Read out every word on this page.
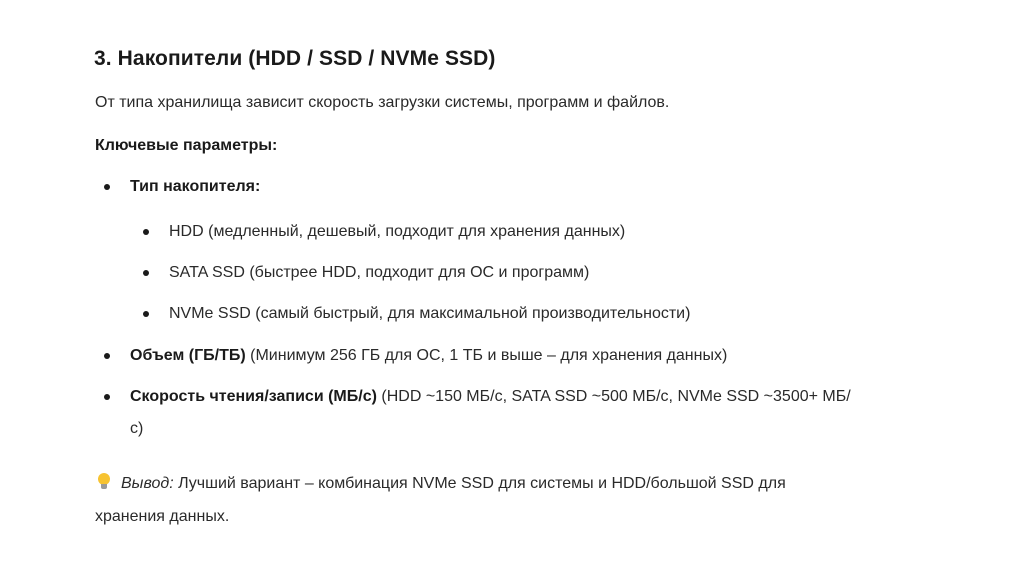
3. Накопители (HDD / SSD / NVMe SSD)
От типа хранилища зависит скорость загрузки системы, программ и файлов.
Ключевые параметры:
Тип накопителя:
HDD (медленный, дешевый, подходит для хранения данных)
SATA SSD (быстрее HDD, подходит для ОС и программ)
NVMe SSD (самый быстрый, для максимальной производительности)
Объем (ГБ/ТБ) (Минимум 256 ГБ для ОС, 1 ТБ и выше – для хранения данных)
Скорость чтения/записи (МБ/с) (HDD ~150 МБ/с, SATA SSD ~500 МБ/с, NVMe SSD ~3500+ МБ/
с)
Вывод: Лучший вариант – комбинация NVMe SSD для системы и HDD/большой SSD для
хранения данных.
